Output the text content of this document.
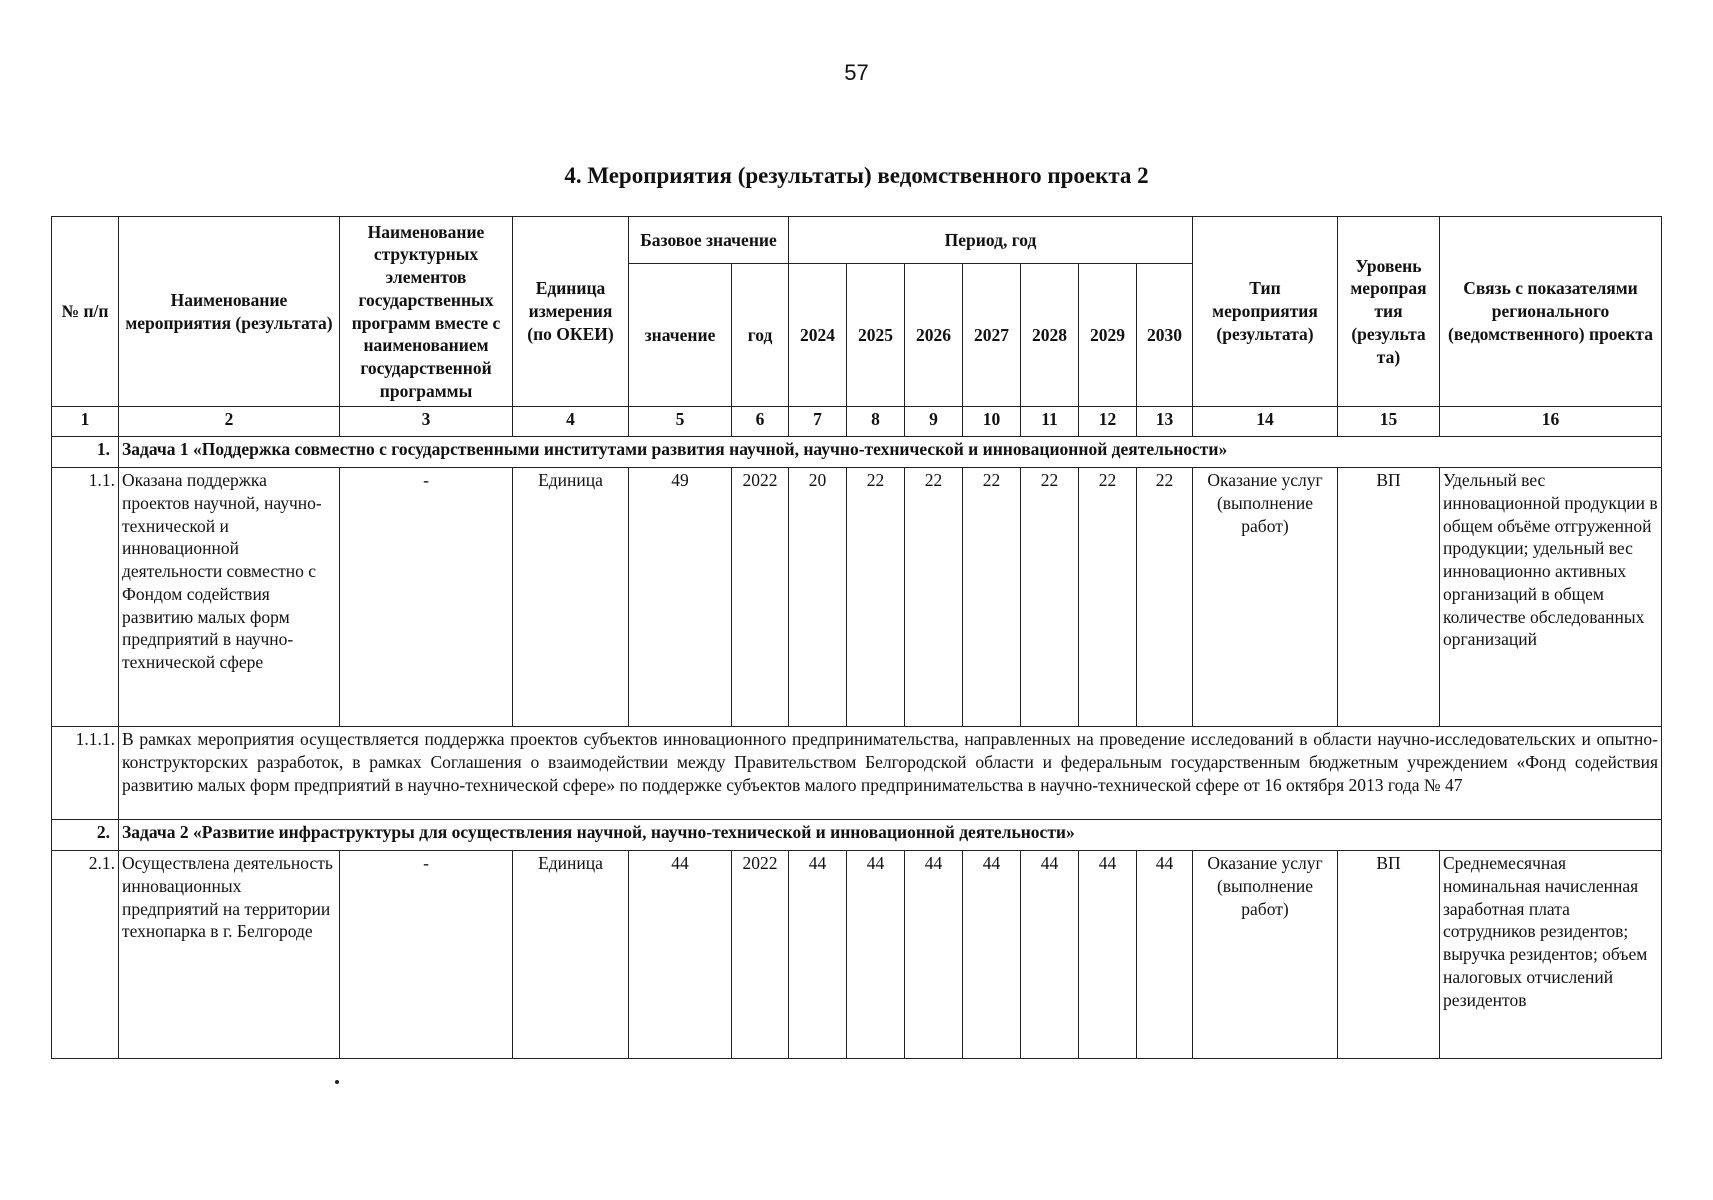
57
4. Мероприятия (результаты) ведомственного проекта 2
№ п/п	Наименование мероприятия (результата)	Наименование структурных элементов государственных программ вместе с наименованием государственной программы	Единица измерения (по ОКЕИ)	Базовое значение		Период, год							Тип мероприятия (результата)	Уровень меропрая тия (результа та)	Связь с показателями регионального (ведомственного) проекта
				значение	год	2024	2025	2026	2027	2028	2029	2030			
1	2	3	4	5	6	7	8	9	10	11	12	13	14	15	16
1.	Задача 1 «Поддержка совместно с государственными институтами развития научной, научно-технической и инновационной деятельности»														
1.1.	Оказана поддержка проектов научной, научно-технической и инновационной деятельности совместно с Фондом содействия развитию малых форм предприятий в научно-технической сфере	-	Единица	49	2022	20	22	22	22	22	22	22	Оказание услуг (выполнение работ)	ВП	Удельный вес инновационной продукции в общем объёме отгруженной продукции; удельный вес инновационно активных организаций в общем количестве обследованных организаций
1.1.1.	В рамках мероприятия осуществляется поддержка проектов субъектов инновационного предпринимательства, направленных на проведение исследований в области научно-исследовательских и опытно-конструкторских разработок, в рамках Соглашения о взаимодействии между Правительством Белгородской области и федеральным государственным бюджетным учреждением «Фонд содействия развитию малых форм предприятий в научно-технической сфере» по поддержке субъектов малого предпринимательства в научно-технической сфере от 16 октября 2013 года № 47														
2.	Задача 2 «Развитие инфраструктуры для осуществления научной, научно-технической и инновационной деятельности»														
2.1.	Осуществлена деятельность инновационных предприятий на территории технопарка в г. Белгороде	-	Единица	44	2022	44	44	44	44	44	44	44	Оказание услуг (выполнение работ)	ВП	Среднемесячная номинальная начисленная заработная плата сотрудников резидентов; выручка резидентов; объем налоговых отчислений резидентов
